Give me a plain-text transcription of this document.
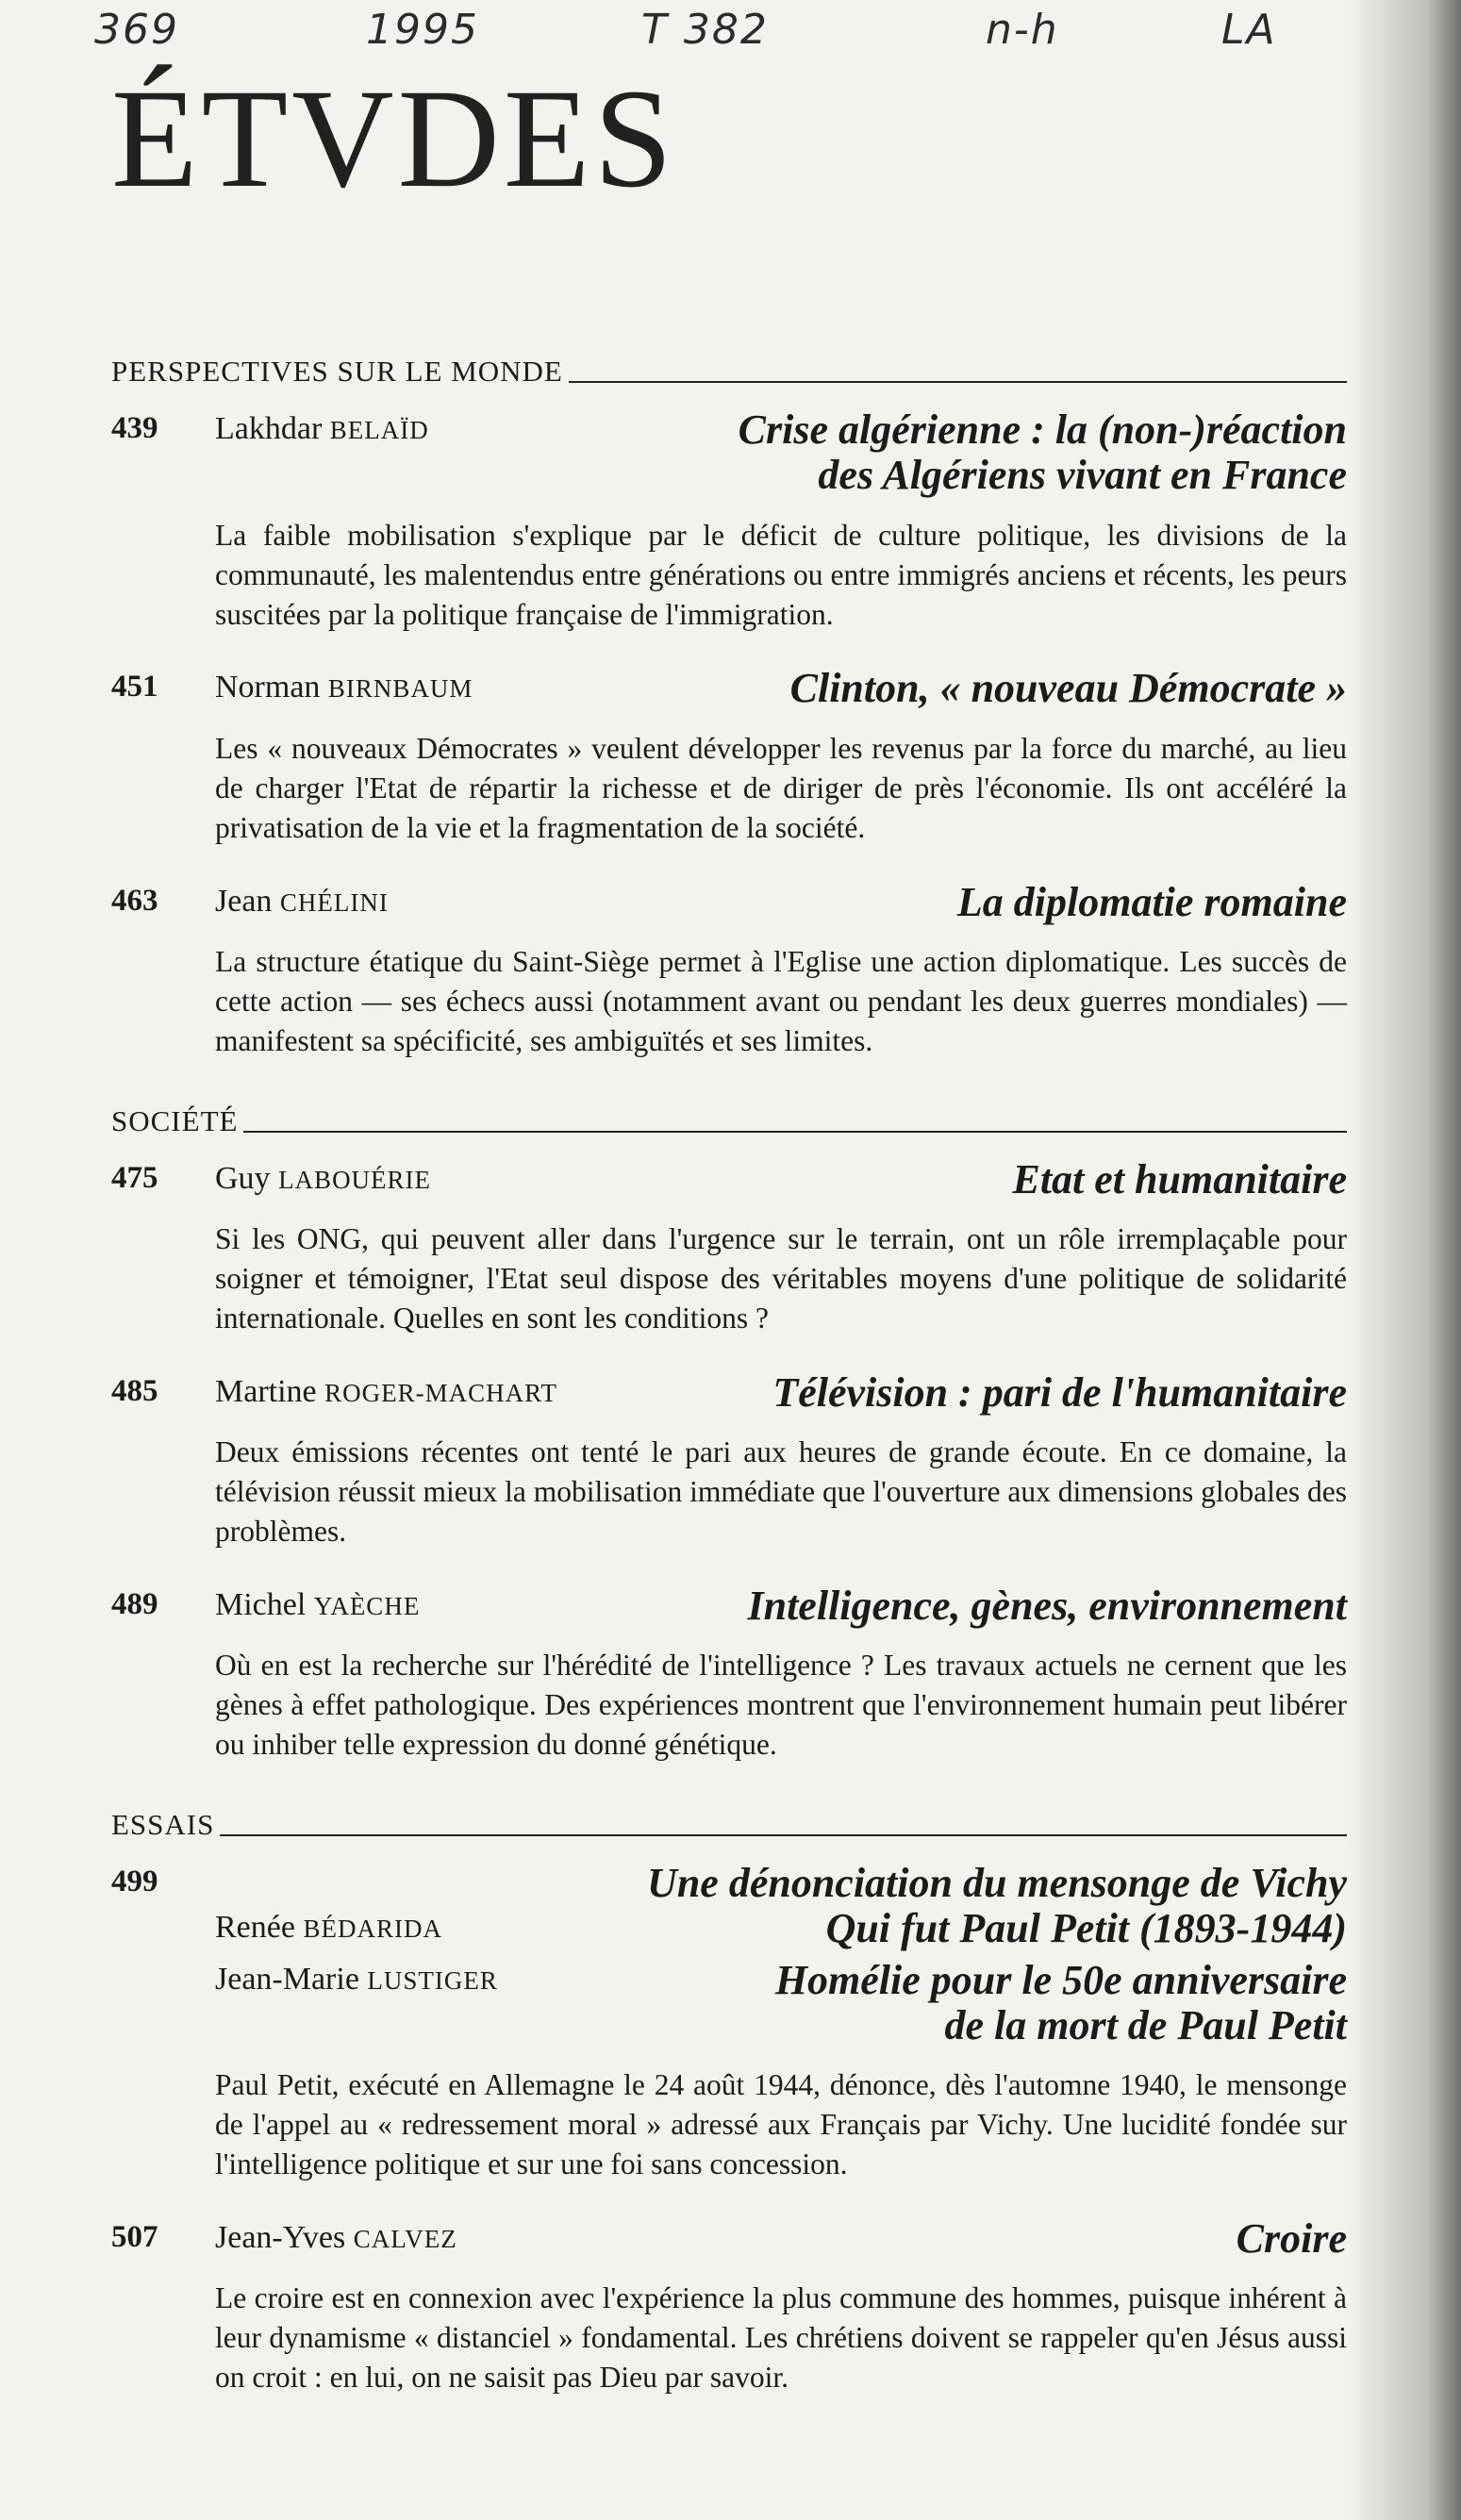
369	1995	T 382	n-h	LA
ÉTVDES
PERSPECTIVES SUR LE MONDE
439	Lakhdar BELAÏD	Crise algérienne : la (non-)réaction
des Algériens vivant en France
La faible mobilisation s'explique par le déficit de culture politique, les divisions de la communauté, les malentendus entre générations ou entre immigrés anciens et récents, les peurs suscitées par la politique française de l'immigration.
451	Norman BIRNBAUM	Clinton, « nouveau Démocrate »
Les « nouveaux Démocrates » veulent développer les revenus par la force du marché, au lieu de charger l'Etat de répartir la richesse et de diriger de près l'économie. Ils ont accéléré la privatisation de la vie et la fragmentation de la société.
463	Jean CHÉLINI	La diplomatie romaine
La structure étatique du Saint-Siège permet à l'Eglise une action diplomatique. Les succès de cette action — ses échecs aussi (notamment avant ou pendant les deux guerres mondiales) — manifestent sa spécificité, ses ambiguïtés et ses limites.
SOCIÉTÉ
475	Guy LABOUÉRIE	Etat et humanitaire
Si les ONG, qui peuvent aller dans l'urgence sur le terrain, ont un rôle irremplaçable pour soigner et témoigner, l'Etat seul dispose des véritables moyens d'une politique de solidarité internationale. Quelles en sont les conditions ?
485	Martine ROGER-MACHART	Télévision : pari de l'humanitaire
Deux émissions récentes ont tenté le pari aux heures de grande écoute. En ce domaine, la télévision réussit mieux la mobilisation immédiate que l'ouverture aux dimensions globales des problèmes.
489	Michel YAÈCHE	Intelligence, gènes, environnement
Où en est la recherche sur l'hérédité de l'intelligence ? Les travaux actuels ne cernent que les gènes à effet pathologique. Des expériences montrent que l'environnement humain peut libérer ou inhiber telle expression du donné génétique.
ESSAIS
499	Une dénonciation du mensonge de Vichy
Renée BÉDARIDA	Qui fut Paul Petit (1893-1944)
Jean-Marie LUSTIGER	Homélie pour le 50e anniversaire
de la mort de Paul Petit
Paul Petit, exécuté en Allemagne le 24 août 1944, dénonce, dès l'automne 1940, le mensonge de l'appel au « redressement moral » adressé aux Français par Vichy. Une lucidité fondée sur l'intelligence politique et sur une foi sans concession.
507	Jean-Yves CALVEZ	Croire
Le croire est en connexion avec l'expérience la plus commune des hommes, puisque inhérent à leur dynamisme « distanciel » fondamental. Les chrétiens doivent se rappeler qu'en Jésus aussi on croit : en lui, on ne saisit pas Dieu par savoir.
